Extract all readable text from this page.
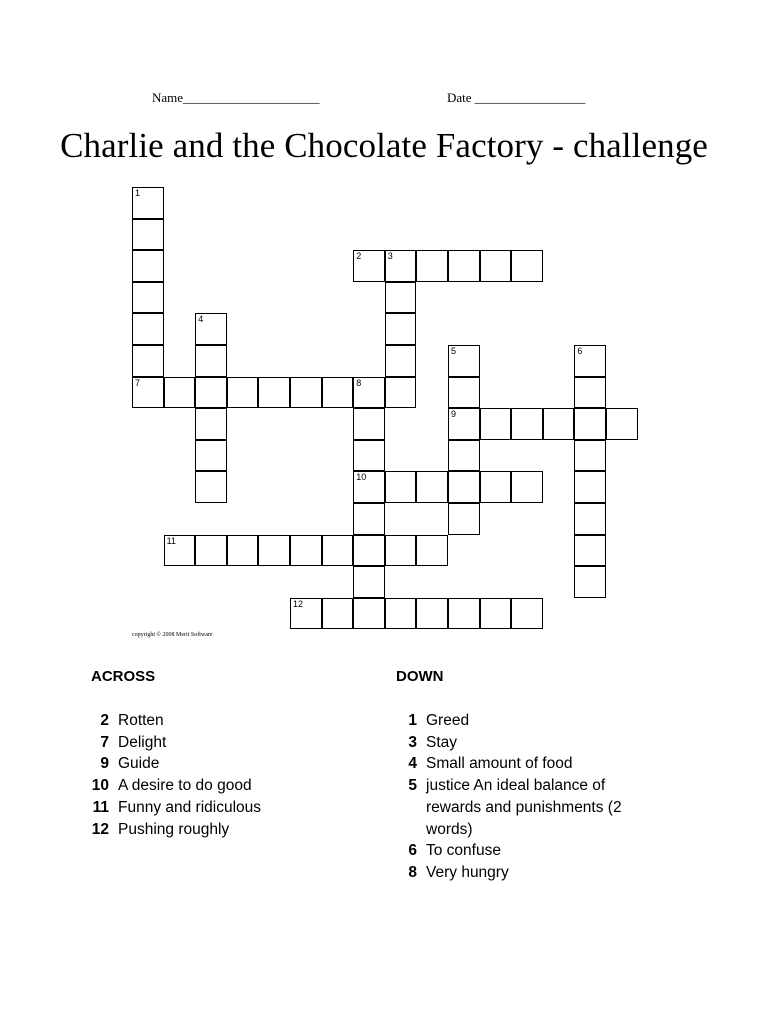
Name_____________________	Date _________________
Charlie and the Chocolate Factory - challenge
1
7
2	3
4
5
9
6
8
10
11
12
copyright © 2008 Merit Software
ACROSS	DOWN
2 Rotten
7 Delight
9 Guide
10 A desire to do good
11 Funny and ridiculous
12 Pushing roughly
1 Greed
3 Stay
4 Small amount of food
5 justice An ideal balance of rewards and punishments (2 words)
6 To confuse
8 Very hungry
